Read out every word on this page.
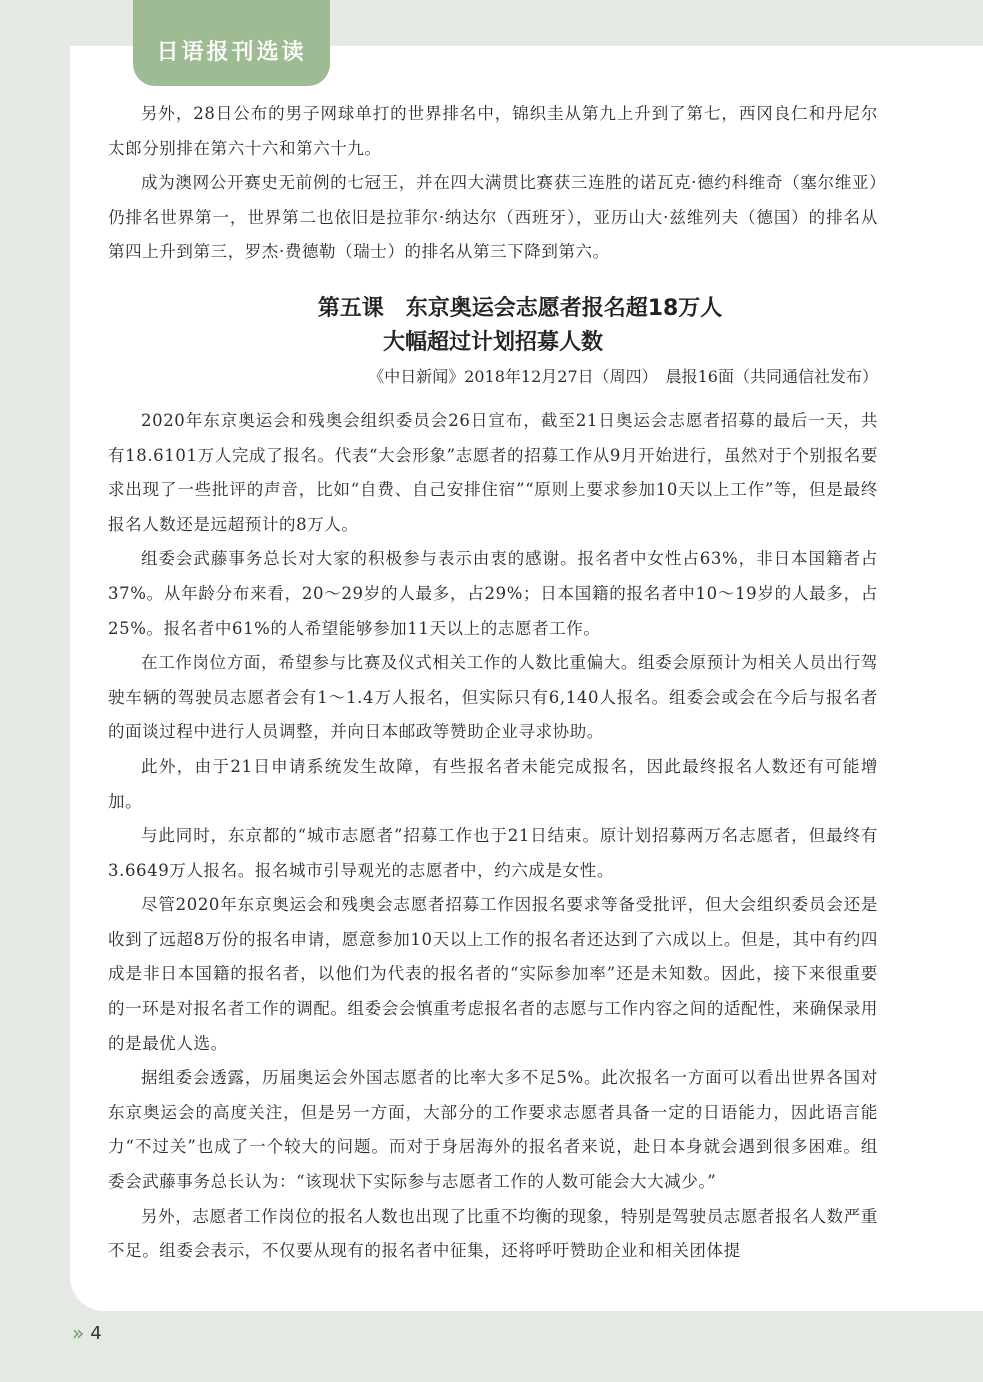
日语报刊选读

另外，28日公布的男子网球单打的世界排名中，锦织圭从第九上升到了第七，西冈良仁和丹尼尔太郎分别排在第六十六和第六十九。

成为澳网公开赛史无前例的七冠王，并在四大满贯比赛获三连胜的诺瓦克·德约科维奇（塞尔维亚）仍排名世界第一，世界第二也依旧是拉菲尔·纳达尔（西班牙），亚历山大·兹维列夫（德国）的排名从第四上升到第三，罗杰·费德勒（瑞士）的排名从第三下降到第六。

第五课　东京奥运会志愿者报名超18万人
大幅超过计划招募人数
《中日新闻》2018年12月27日（周四）　晨报16面（共同通信社发布）

2020年东京奥运会和残奥会组织委员会26日宣布，截至21日奥运会志愿者招募的最后一天，共有18.6101万人完成了报名。代表“大会形象”志愿者的招募工作从9月开始进行，虽然对于个别报名要求出现了一些批评的声音，比如“自费、自己安排住宿”“原则上要求参加10天以上工作”等，但是最终报名人数还是远超预计的8万人。

组委会武藤事务总长对大家的积极参与表示由衷的感谢。报名者中女性占63%，非日本国籍者占37%。从年龄分布来看，20～29岁的人最多，占29%；日本国籍的报名者中10～19岁的人最多，占25%。报名者中61%的人希望能够参加11天以上的志愿者工作。

在工作岗位方面，希望参与比赛及仪式相关工作的人数比重偏大。组委会原预计为相关人员出行驾驶车辆的驾驶员志愿者会有1～1.4万人报名，但实际只有6,140人报名。组委会或会在今后与报名者的面谈过程中进行人员调整，并向日本邮政等赞助企业寻求协助。

此外，由于21日申请系统发生故障，有些报名者未能完成报名，因此最终报名人数还有可能增加。

与此同时，东京都的“城市志愿者”招募工作也于21日结束。原计划招募两万名志愿者，但最终有3.6649万人报名。报名城市引导观光的志愿者中，约六成是女性。

尽管2020年东京奥运会和残奥会志愿者招募工作因报名要求等备受批评，但大会组织委员会还是收到了远超8万份的报名申请，愿意参加10天以上工作的报名者还达到了六成以上。但是，其中有约四成是非日本国籍的报名者，以他们为代表的报名者的“实际参加率”还是未知数。因此，接下来很重要的一环是对报名者工作的调配。组委会会慎重考虑报名者的志愿与工作内容之间的适配性，来确保录用的是最优人选。

据组委会透露，历届奥运会外国志愿者的比率大多不足5%。此次报名一方面可以看出世界各国对东京奥运会的高度关注，但是另一方面，大部分的工作要求志愿者具备一定的日语能力，因此语言能力“不过关”也成了一个较大的问题。而对于身居海外的报名者来说，赴日本身就会遇到很多困难。组委会武藤事务总长认为：“该现状下实际参与志愿者工作的人数可能会大大减少。”

另外，志愿者工作岗位的报名人数也出现了比重不均衡的现象，特别是驾驶员志愿者报名人数严重不足。组委会表示，不仅要从现有的报名者中征集，还将呼吁赞助企业和相关团体提

» 4
